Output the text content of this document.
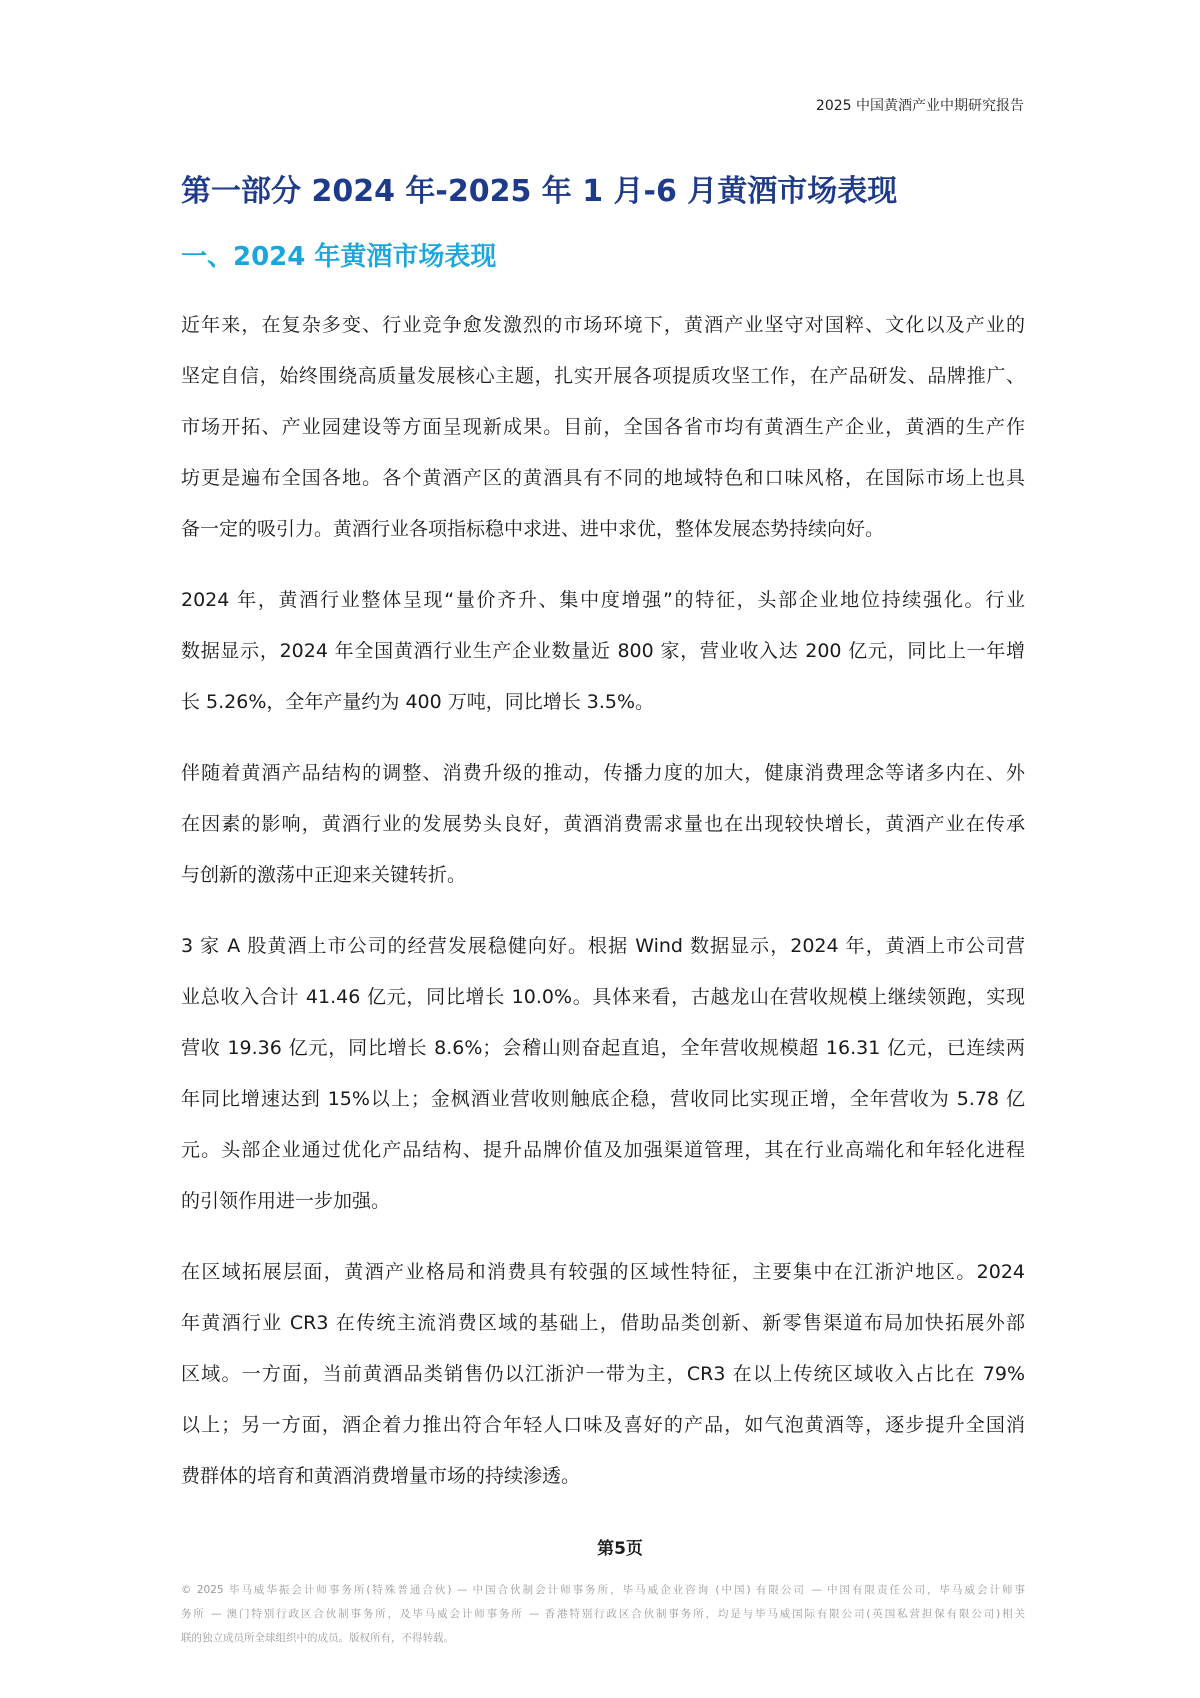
2025 中国黄酒产业中期研究报告
第一部分 2024 年-2025 年 1 月-6 月黄酒市场表现
一、2024 年黄酒市场表现
近年来，在复杂多变、行业竞争愈发激烈的市场环境下，黄酒产业坚守对国粹、文化以及产业的
坚定自信，始终围绕高质量发展核心主题，扎实开展各项提质攻坚工作，在产品研发、品牌推广、
市场开拓、产业园建设等方面呈现新成果。目前，全国各省市均有黄酒生产企业，黄酒的生产作
坊更是遍布全国各地。各个黄酒产区的黄酒具有不同的地域特色和口味风格，在国际市场上也具
备一定的吸引力。黄酒行业各项指标稳中求进、进中求优，整体发展态势持续向好。
2024 年，黄酒行业整体呈现“量价齐升、集中度增强”的特征，头部企业地位持续强化。行业
数据显示，2024 年全国黄酒行业生产企业数量近 800 家，营业收入达 200 亿元，同比上一年增
长 5.26%，全年产量约为 400 万吨，同比增长 3.5%。
伴随着黄酒产品结构的调整、消费升级的推动，传播力度的加大，健康消费理念等诸多内在、外
在因素的影响，黄酒行业的发展势头良好，黄酒消费需求量也在出现较快增长，黄酒产业在传承
与创新的激荡中正迎来关键转折。
3 家 A 股黄酒上市公司的经营发展稳健向好。根据 Wind 数据显示，2024 年，黄酒上市公司营
业总收入合计 41.46 亿元，同比增长 10.0%。具体来看，古越龙山在营收规模上继续领跑，实现
营收 19.36 亿元，同比增长 8.6%；会稽山则奋起直追，全年营收规模超 16.31 亿元，已连续两
年同比增速达到 15%以上；金枫酒业营收则触底企稳，营收同比实现正增，全年营收为 5.78 亿
元。头部企业通过优化产品结构、提升品牌价值及加强渠道管理，其在行业高端化和年轻化进程
的引领作用进一步加强。
在区域拓展层面，黄酒产业格局和消费具有较强的区域性特征，主要集中在江浙沪地区。2024
年黄酒行业 CR3 在传统主流消费区域的基础上，借助品类创新、新零售渠道布局加快拓展外部
区域。一方面，当前黄酒品类销售仍以江浙沪一带为主，CR3 在以上传统区域收入占比在 79%
以上；另一方面，酒企着力推出符合年轻人口味及喜好的产品，如气泡黄酒等，逐步提升全国消
费群体的培育和黄酒消费增量市场的持续渗透。
第5页
© 2025 毕马威华振会计师事务所(特殊普通合伙) — 中国合伙制会计师事务所，毕马威企业咨询 (中国) 有限公司 — 中国有限责任公司，毕马威会计师事
务所 — 澳门特别行政区合伙制事务所，及毕马威会计师事务所 — 香港特别行政区合伙制事务所，均是与毕马威国际有限公司(英国私营担保有限公司)相关
联的独立成员所全球组织中的成员。版权所有，不得转载。
